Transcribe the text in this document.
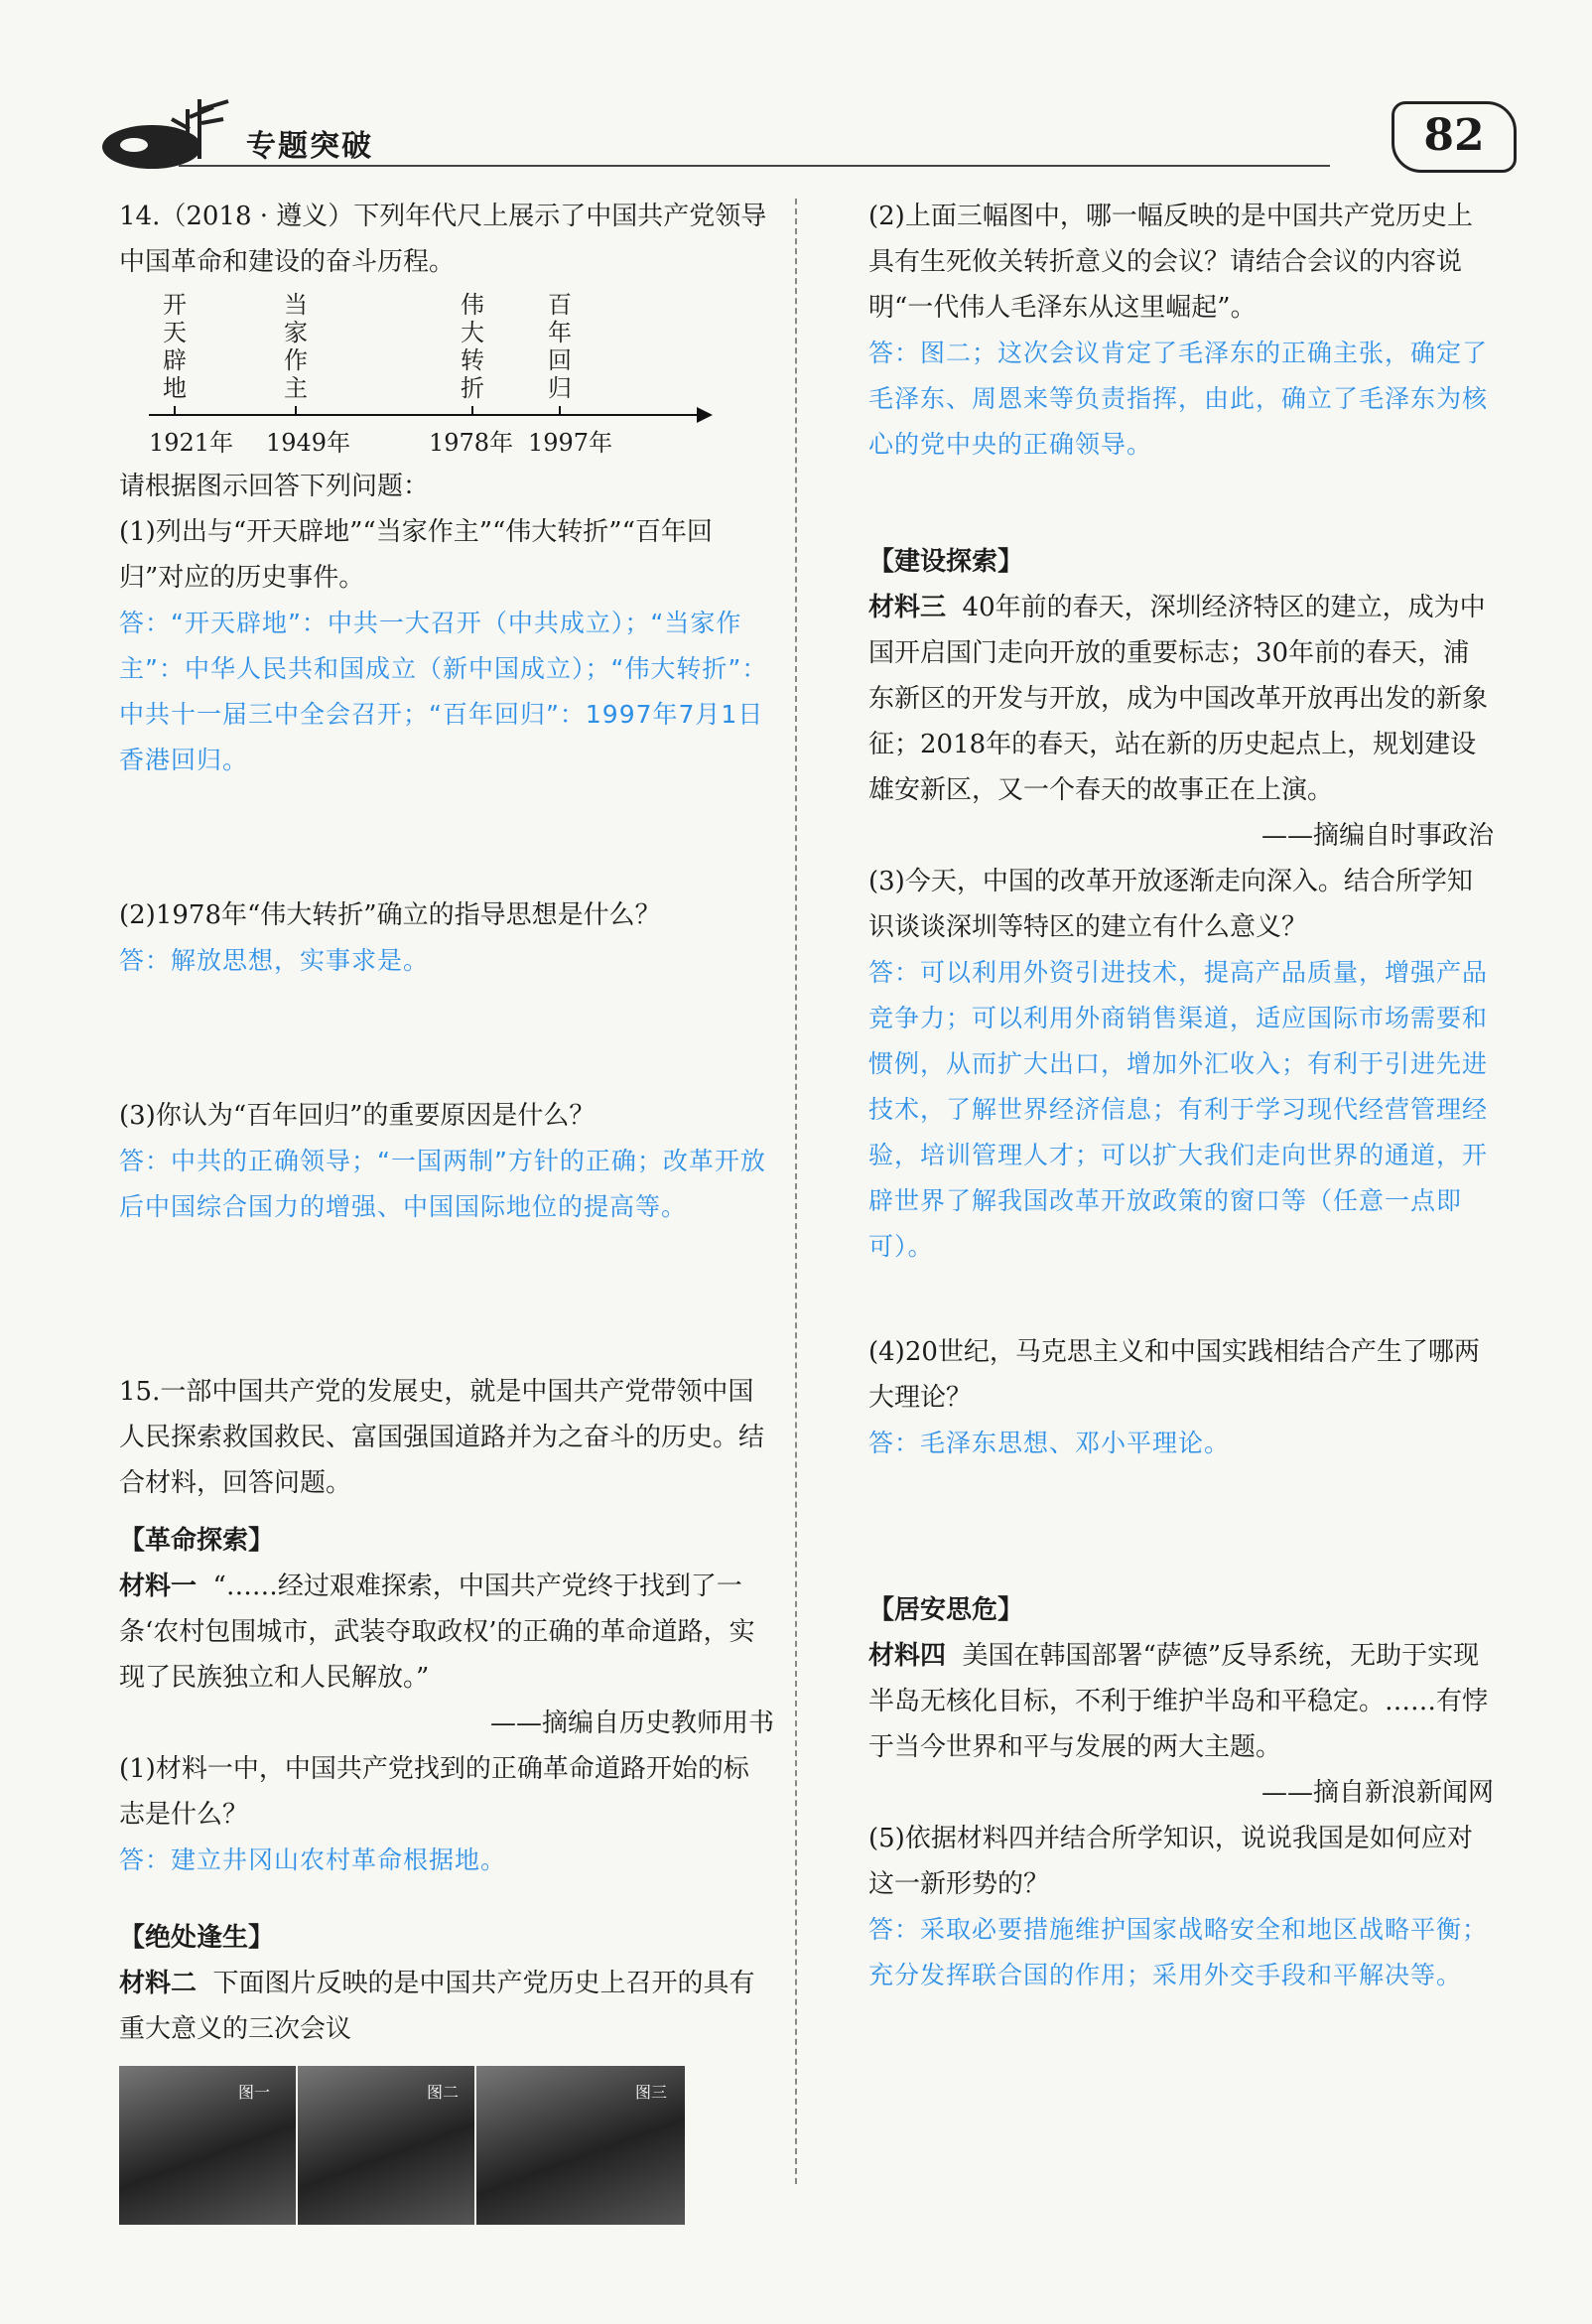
专题突破	82

14.（2018 · 遵义）下列年代尺上展示了中国共产党领导中国革命和建设的奋斗历程。

开
天
辟
地
当
家
作
主
伟
大
转
折
百
年
回
归
1921年 1949年	1978年 1997年

请根据图示回答下列问题：

(1)列出与“开天辟地”“当家作主”“伟大转折”“百年回归”对应的历史事件。

答：“开天辟地”：中共一大召开（中共成立）；“当家作主”：中华人民共和国成立（新中国成立）；“伟大转折”：中共十一届三中全会召开；“百年回归”：1997年7月1日香港回归。

(2)1978年“伟大转折”确立的指导思想是什么？

答：解放思想，实事求是。

(3)你认为“百年回归”的重要原因是什么？

答：中共的正确领导；“一国两制”方针的正确；改革开放后中国综合国力的增强、中国国际地位的提高等。

15.一部中国共产党的发展史，就是中国共产党带领中国人民探索救国救民、富国强国道路并为之奋斗的历史。结合材料，回答问题。

【革命探索】

材料一 “……经过艰难探索，中国共产党终于找到了一条‘农村包围城市，武装夺取政权’的正确的革命道路，实现了民族独立和人民解放。”

——摘编自历史教师用书

(1)材料一中，中国共产党找到的正确革命道路开始的标志是什么？

答：建立井冈山农村革命根据地。

【绝处逢生】

材料二 下面图片反映的是中国共产党历史上召开的具有重大意义的三次会议

图一	图二	图三

(2)上面三幅图中，哪一幅反映的是中国共产党历史上具有生死攸关转折意义的会议？请结合会议的内容说明“一代伟人毛泽东从这里崛起”。

答：图二；这次会议肯定了毛泽东的正确主张，确定了毛泽东、周恩来等负责指挥，由此，确立了毛泽东为核心的党中央的正确领导。

【建设探索】

材料三 40年前的春天，深圳经济特区的建立，成为中国开启国门走向开放的重要标志；30年前的春天，浦东新区的开发与开放，成为中国改革开放再出发的新象征；2018年的春天，站在新的历史起点上，规划建设雄安新区，又一个春天的故事正在上演。

——摘编自时事政治

(3)今天，中国的改革开放逐渐走向深入。结合所学知识谈谈深圳等特区的建立有什么意义？

答：可以利用外资引进技术，提高产品质量，增强产品竞争力；可以利用外商销售渠道，适应国际市场需要和惯例，从而扩大出口，增加外汇收入；有利于引进先进技术，了解世界经济信息；有利于学习现代经营管理经验，培训管理人才；可以扩大我们走向世界的通道，开辟世界了解我国改革开放政策的窗口等（任意一点即可）。

(4)20世纪，马克思主义和中国实践相结合产生了哪两大理论？

答：毛泽东思想、邓小平理论。

【居安思危】

材料四 美国在韩国部署“萨德”反导系统，无助于实现半岛无核化目标，不利于维护半岛和平稳定。……有悖于当今世界和平与发展的两大主题。

——摘自新浪新闻网

(5)依据材料四并结合所学知识，说说我国是如何应对这一新形势的？

答：采取必要措施维护国家战略安全和地区战略平衡；充分发挥联合国的作用；采用外交手段和平解决等。
